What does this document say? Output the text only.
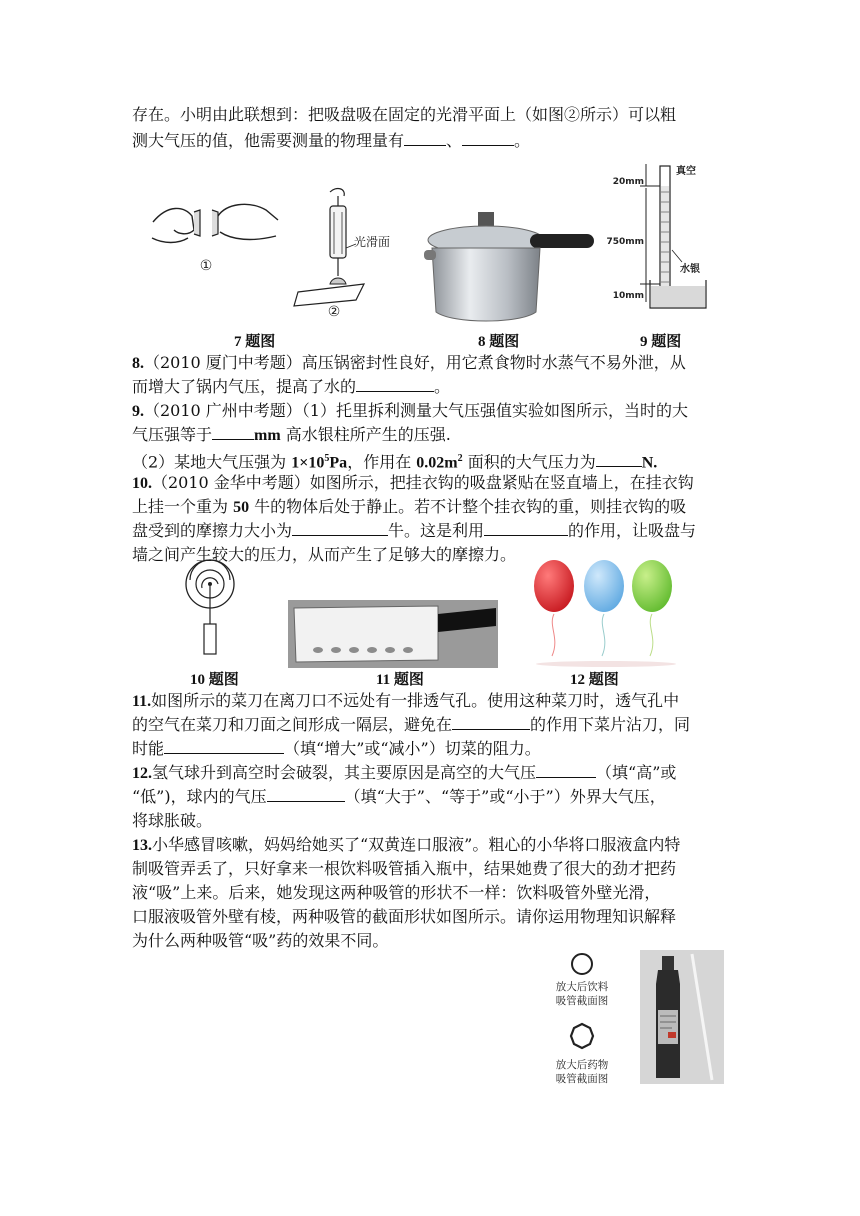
存在。小明由此联想到：把吸盘吸在固定的光滑平面上（如图②所示）可以粗
测大气压的值，他需要测量的物理量有	、	。
①
光滑面
②
20mm
真空
750mm
水银
10mm
7 题图	8 题图	9 题图
8.（2010 厦门中考题）高压锅密封性良好，用它煮食物时水蒸气不易外泄，从
而增大了锅内气压，提高了水的	。
9.（2010 广州中考题）（1）托里拆利测量大气压强值实验如图所示，当时的大
气压强等于	mm 高水银柱所产生的压强.
（2）某地大气压强为 $1\times 10^5Pa$，作用在 $0.02m^2$ 面积的大气压力为	N.
10.（2010 金华中考题）如图所示，把挂衣钩的吸盘紧贴在竖直墙上，在挂衣钩
上挂一个重为 50 牛的物体后处于静止。若不计整个挂衣钩的重，则挂衣钩的吸
盘受到的摩擦力大小为	牛。这是利用	的作用，让吸盘与
墙之间产生较大的压力，从而产生了足够大的摩擦力。
10 题图	11 题图	12 题图
11.如图所示的菜刀在离刀口不远处有一排透气孔。使用这种菜刀时，透气孔中
的空气在菜刀和刀面之间形成一隔层，避免在	的作用下菜片沾刀，同
时能	（填“增大”或“减小”）切菜的阻力。
12.氢气球升到高空时会破裂，其主要原因是高空的大气压	（填“高”或
“低”)，球内的气压	（填“大于”、“等于”或“小于”）外界大气压，
将球胀破。
13.小华感冒咳嗽，妈妈给她买了“双黄连口服液”。粗心的小华将口服液盒内特
制吸管弄丢了，只好拿来一根饮料吸管插入瓶中，结果她费了很大的劲才把药
液“吸”上来。后来，她发现这两种吸管的形状不一样：饮料吸管外壁光滑，
口服液吸管外壁有棱，两种吸管的截面形状如图所示。请你运用物理知识解释
为什么两种吸管“吸”药的效果不同。
放大后饮料
吸管截面图
放大后药物
吸管截面图
